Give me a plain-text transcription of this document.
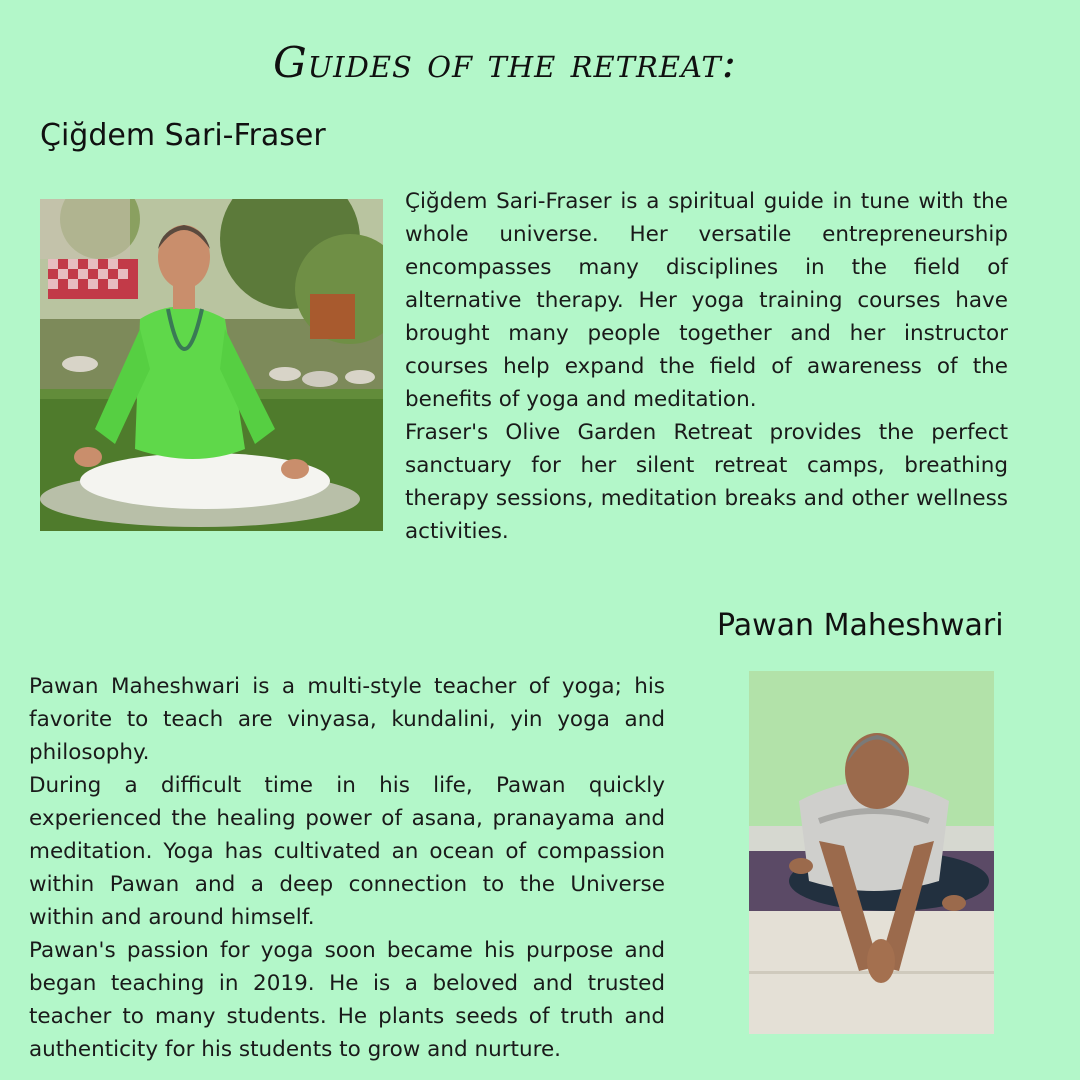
Guides of the retreat:
Çiğdem Sari-Fraser

Çiğdem Sari-Fraser is a spiritual guide in tune with the whole universe. Her versatile entrepreneurship encompasses many disciplines in the field of alternative therapy. Her yoga training courses have brought many people together and her instructor courses help expand the field of awareness of the benefits of yoga and meditation.

Fraser's Olive Garden Retreat provides the perfect sanctuary for her silent retreat camps, breathing therapy sessions, meditation breaks and other wellness activities.

Pawan Maheshwari

Pawan Maheshwari is a multi-style teacher of yoga; his favorite to teach are vinyasa, kundalini, yin yoga and philosophy.

During a difficult time in his life, Pawan quickly experienced the healing power of asana, pranayama and meditation. Yoga has cultivated an ocean of compassion within Pawan and a deep connection to the Universe within and around himself.

Pawan's passion for yoga soon became his purpose and began teaching in 2019. He is a beloved and trusted teacher to many students. He plants seeds of truth and authenticity for his students to grow and nurture.
